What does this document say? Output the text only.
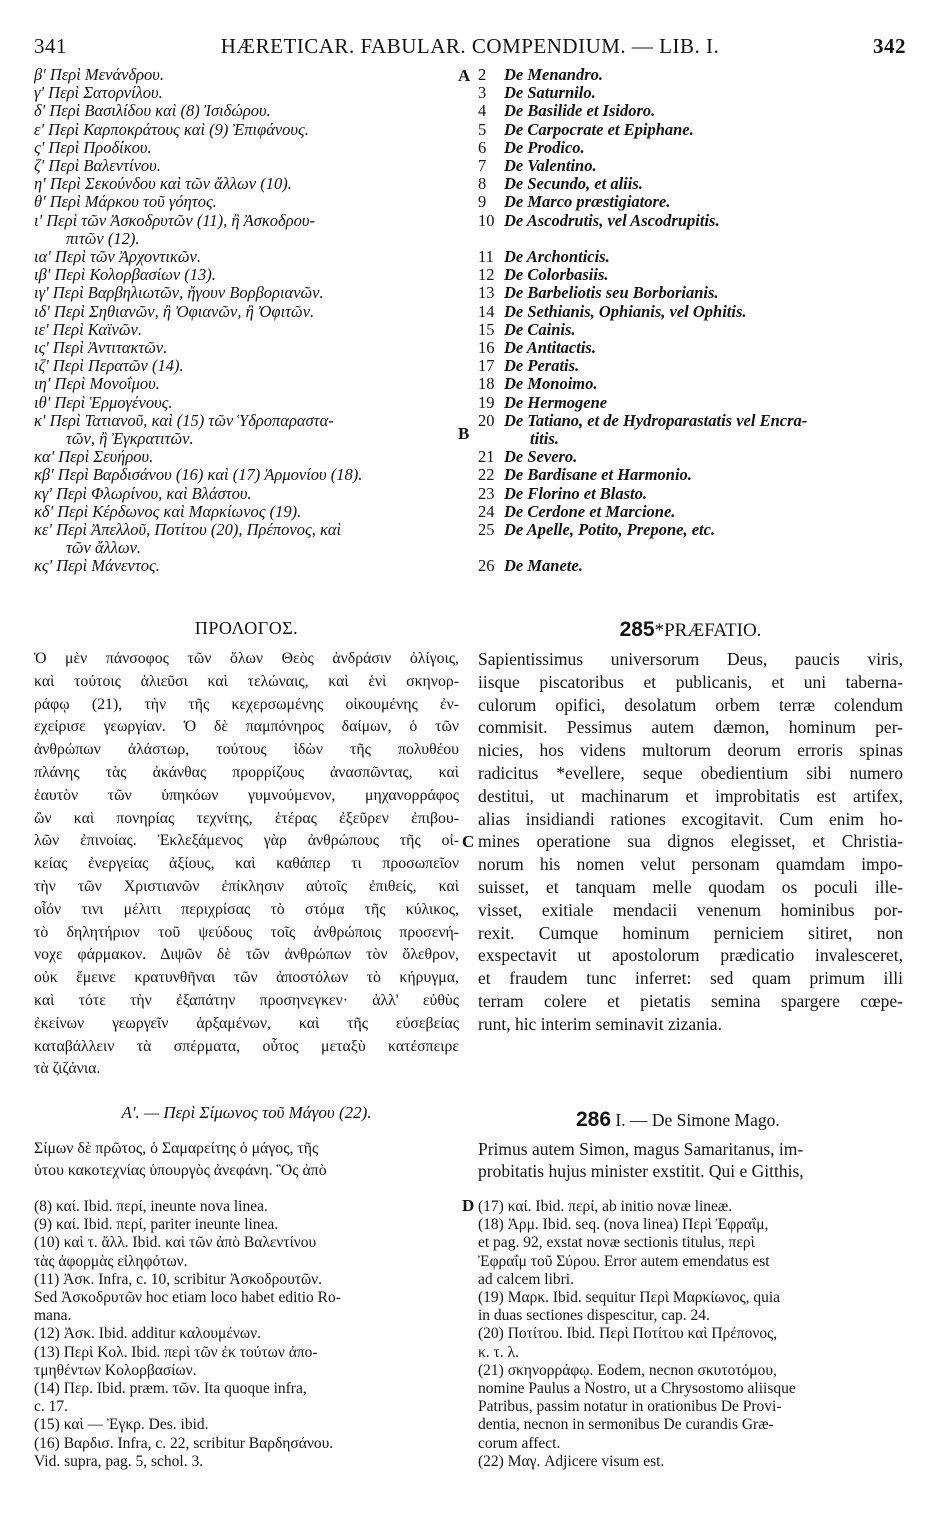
341	HÆRETICAR. FABULAR. COMPENDIUM. — LIB. I.	342
A
B
C
D
β' Περὶ Μενάνδρου.
γ' Περὶ Σατορνίλου.
δ' Περὶ Βασιλίδου καὶ (8) Ἰσιδώρου.
ε' Περὶ Καρποκράτους καὶ (9) Ἐπιφάνους.
ς' Περὶ Προδίκου.
ζ' Περὶ Βαλεντίνου.
η' Περὶ Σεκούνδου καὶ τῶν ἄλλων (10).
θ' Περὶ Μάρκου τοῦ γόητος.
ι' Περὶ τῶν Ἀσκοδρυτῶν (11), ἢ Ἀσκοδρου-
πιτῶν (12).
ια' Περὶ τῶν Ἀρχοντικῶν.
ιβ' Περὶ Κολορβασίων (13).
ιγ' Περὶ Βαρβηλιωτῶν, ἤγουν Βορβοριανῶν.
ιδ' Περὶ Σηθιανῶν, ἢ Ὀφιανῶν, ἢ Ὀφιτῶν.
ιε' Περὶ Καϊνῶν.
ις' Περὶ Ἀντιτακτῶν.
ιζ' Περὶ Περατῶν (14).
ιη' Περὶ Μονοΐμου.
ιθ' Περὶ Ἑρμογένους.
κ' Περὶ Τατιανοῦ, καὶ (15) τῶν Ὑδροπαραστα-
τῶν, ἢ Ἐγκρατιτῶν.
κα' Περὶ Σευήρου.
κβ' Περὶ Βαρδισάνου (16) καὶ (17) Ἁρμονίου (18).
κγ' Περὶ Φλωρίνου, καὶ Βλάστου.
κδ' Περὶ Κέρδωνος καὶ Μαρκίωνος (19).
κε' Περὶ Ἀπελλοῦ, Ποτίτου (20), Πρέπονος, καὶ
τῶν ἄλλων.
κς' Περὶ Μάνεντος.
2 De Menandro.
3 De Saturnilo.
4 De Basilide et Isidoro.
5 De Carpocrate et Epiphane.
6 De Prodico.
7 De Valentino.
8 De Secundo, et aliis.
9 De Marco præstigiatore.
10 De Ascodrutis, vel Ascodrupitis.
11 De Archonticis.
12 De Colorbasiis.
13 De Barbeliotis seu Borborianis.
14 De Sethianis, Ophianis, vel Ophitis.
15 De Cainis.
16 De Antitactis.
17 De Peratis.
18 De Monoimo.
19 De Hermogene
20 De Tatiano, et de Hydroparastatis vel Encra-
titis.
21 De Severo.
22 De Bardisane et Harmonio.
23 De Florino et Blasto.
24 De Cerdone et Marcione.
25 De Apelle, Potito, Prepone, etc.
26 De Manete.
ΠΡΟΛΟΓΟΣ.	285*PRÆFATIO.
Ὁ μὲν πάνσοφος τῶν ὅλων Θεὸς ἀνδράσιν ὀλίγοις,
καὶ τούτοις ἁλιεῦσι καὶ τελώναις, καὶ ἑνὶ σκηνορ-
ράφῳ (21), τὴν τῆς κεχερσωμένης οἰκουμένης ἐν-
εχείρισε γεωργίαν. Ὁ δὲ παμπόνηρος δαίμων, ὁ τῶν
ἀνθρώπων ἀλάστωρ, τούτους ἰδὼν τῆς πολυθέου
πλάνης τὰς ἀκάνθας προρρίζους ἀνασπῶντας, καὶ
ἑαυτὸν τῶν ὑπηκόων γυμνούμενον, μηχανορράφος
ὢν καὶ πονηρίας τεχνίτης, ἑτέρας ἐξεῦρεν ἐπιβου-
λῶν ἐπινοίας. Ἐκλεξάμενος γὰρ ἀνθρώπους τῆς οἰ-
κείας ἐνεργείας ἀξίους, καὶ καθάπερ τι προσωπεῖον
τὴν τῶν Χριστιανῶν ἐπίκλησιν αὐτοῖς ἐπιθείς, καὶ
οἷόν τινι μέλιτι περιχρίσας τὸ στόμα τῆς κύλικος,
τὸ δηλητήριον τοῦ ψεύδους τοῖς ἀνθρώποις προσενή-
νοχε φάρμακον. Διψῶν δὲ τῶν ἀνθρώπων τὸν ὄλεθρον,
οὐκ ἔμεινε κρατυνθῆναι τῶν ἀποστόλων τὸ κήρυγμα,
καὶ τότε τὴν ἐξαπάτην προσηνεγκεν· ἀλλ' εὐθὺς
ἐκείνων γεωργεῖν ἀρξαμένων, καὶ τῆς εὐσεβείας
καταβάλλειν τὰ σπέρματα, οὗτος μεταξὺ κατέσπειρε
τὰ ζιζάνια.
Sapientissimus universorum Deus, paucis viris,
iisque piscatoribus et publicanis, et uni taberna-
culorum opifici, desolatum orbem terræ colendum
commisit. Pessimus autem dæmon, hominum per-
nicies, hos videns multorum deorum erroris spinas
radicitus *evellere, seque obedientium sibi numero
destitui, ut machinarum et improbitatis est artifex,
alias insidiandi rationes excogitavit. Cum enim ho-
mines operatione sua dignos elegisset, et Christia-
norum his nomen velut personam quamdam impo-
suisset, et tanquam melle quodam os poculi ille-
visset, exitiale mendacii venenum hominibus por-
rexit. Cumque hominum perniciem sitiret, non
exspectavit ut apostolorum prædicatio invalesceret,
et fraudem tunc inferret: sed quam primum illi
terram colere et pietatis semina spargere cœpe-
runt, hic interim seminavit zizania.
Α'. — Περὶ Σίμωνος τοῦ Μάγου (22).	286 I. — De Simone Mago.
Σίμων δὲ πρῶτος, ὁ Σαμαρείτης ὁ μάγος, τῆς
ὑτου κακοτεχνίας ὑπουργὸς ἀνεφάνη. Ὃς ἀπὸ
Primus autem Simon, magus Samaritanus, im-
probitatis hujus minister exstitit. Qui e Gitthis,
(8) καί. Ibid. περί, ineunte nova linea.
(9) καί. Ibid. περί, pariter ineunte linea.
(10) καὶ τ. ἄλλ. Ibid. καὶ τῶν ἀπὸ Βαλεντίνου
τὰς ἀφορμὰς εἰληφότων.
(11) Ἀσκ. Infra, c. 10, scribitur Ἀσκοδρουτῶν.
Sed Ἀσκοδρυτῶν hoc etiam loco habet editio Ro-
mana.
(12) Ἀσκ. Ibid. additur καλουμένων.
(13) Περὶ Κολ. Ibid. περὶ τῶν ἐκ τούτων ἀπο-
τμηθέντων Κολορβασίων.
(14) Περ. Ibid. præm. τῶν. Ita quoque infra,
c. 17.
(15) καὶ — Ἐγκρ. Des. ibid.
(16) Βαρδισ. Infra, c. 22, scribitur Βαρδησάνου.
Vid. supra, pag. 5, schol. 3.
(17) καί. Ibid. περί, ab initio novæ lineæ.
(18) Ἁρμ. Ibid. seq. (nova linea) Περὶ Ἐφραΐμ,
et pag. 92, exstat novæ sectionis titulus, περὶ
Ἐφραΐμ τοῦ Σύρου. Error autem emendatus est
ad calcem libri.
(19) Μαρκ. Ibid. sequitur Περὶ Μαρκίωνος, quia
in duas sectiones dispescitur, cap. 24.
(20) Ποτίτου. Ibid. Περὶ Ποτίτου καὶ Πρέπονος,
κ. τ. λ.
(21) σκηνορράφῳ. Eodem, necnon σκυτοτόμου,
nomine Paulus a Nostro, ut a Chrysostomo aliisque
Patribus, passim notatur in orationibus De Provi-
dentia, necnon in sermonibus De curandis Græ-
corum affect.
(22) Μαγ. Adjicere visum est.
